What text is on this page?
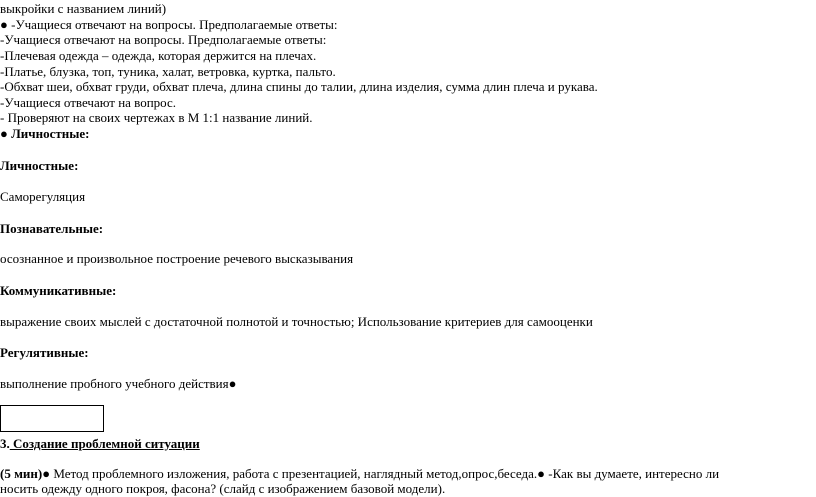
выкройки с названием линий)
● -Учащиеся отвечают на вопросы. Предполагаемые ответы:
-Учащиеся отвечают на вопросы. Предполагаемые ответы:
-Плечевая одежда – одежда, которая держится на плечах.
-Платье, блузка, топ, туника, халат, ветровка, куртка, пальто.
-Обхват шеи, обхват груди, обхват плеча, длина спины до талии, длина изделия, сумма длин плеча и рукава.
-Учащиеся отвечают на вопрос.
- Проверяют на своих чертежах в М 1:1 название линий.
● Личностные:
Личностные:
Саморегуляция
Познавательные:
осознанное и произвольное построение речевого высказывания
Коммуникативные:
выражение своих мыслей с достаточной полнотой и точностью; Использование критериев для самооценки
Регулятивные:
выполнение пробного учебного действия●
3. Создание проблемной ситуации
(5 мин)● Метод проблемного изложения, работа с презентацией, наглядный метод,опрос,беседа.● -Как вы думаете, интересно ли
носить одежду одного покроя, фасона? (слайд с изображением базовой модели).
